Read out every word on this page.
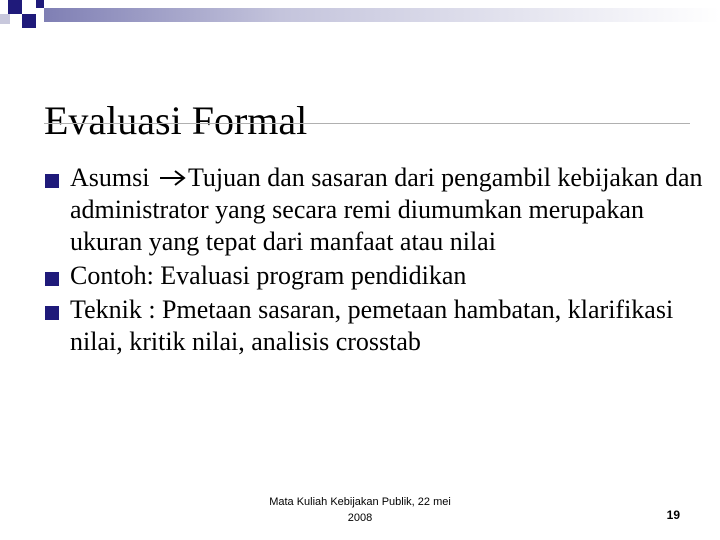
Evaluasi Formal
Asumsi Tujuan dan sasaran dari pengambil kebijakan dan administrator yang secara remi diumumkan merupakan ukuran yang tepat dari manfaat atau nilai
Contoh: Evaluasi program pendidikan
Teknik : Pmetaan sasaran, pemetaan hambatan, klarifikasi nilai, kritik nilai, analisis crosstab
Mata Kuliah Kebijakan Publik, 22 mei
2008	19
